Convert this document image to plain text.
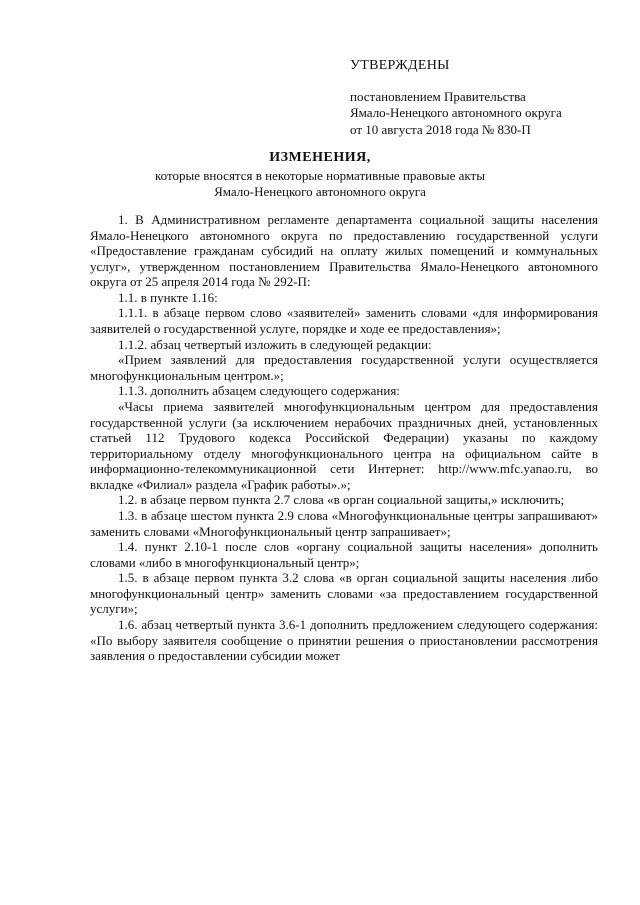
УТВЕРЖДЕНЫ
постановлением Правительства
Ямало-Ненецкого автономного округа
от 10 августа 2018 года № 830-П
ИЗМЕНЕНИЯ,
которые вносятся в некоторые нормативные правовые акты
Ямало-Ненецкого автономного округа

1. В Административном регламенте департамента социальной защиты населения Ямало-Ненецкого автономного округа по предоставлению государственной услуги «Предоставление гражданам субсидий на оплату жилых помещений и коммунальных услуг», утвержденном постановлением Правительства Ямало-Ненецкого автономного округа от 25 апреля 2014 года № 292-П:

1.1. в пункте 1.16:

1.1.1. в абзаце первом слово «заявителей» заменить словами «для информирования заявителей о государственной услуге, порядке и ходе ее предоставления»;

1.1.2. абзац четвертый изложить в следующей редакции:

«Прием заявлений для предоставления государственной услуги осуществляется многофункциональным центром.»;

1.1.3. дополнить абзацем следующего содержания:

«Часы приема заявителей многофункциональным центром для предоставления государственной услуги (за исключением нерабочих праздничных дней, установленных статьей 112 Трудового кодекса Российской Федерации) указаны по каждому территориальному отделу многофункционального центра на официальном сайте в информационно-телекоммуникационной сети Интернет: http://www.mfc.yanao.ru, во вкладке «Филиал» раздела «График работы».»;

1.2. в абзаце первом пункта 2.7 слова «в орган социальной защиты,» исключить;

1.3. в абзаце шестом пункта 2.9 слова «Многофункциональные центры запрашивают» заменить словами «Многофункциональный центр запрашивает»;

1.4. пункт 2.10-1 после слов «органу социальной защиты населения» дополнить словами «либо в многофункциональный центр»;

1.5. в абзаце первом пункта 3.2 слова «в орган социальной защиты населения либо многофункциональный центр» заменить словами «за предоставлением государственной услуги»;

1.6. абзац четвертый пункта 3.6-1 дополнить предложением следующего содержания: «По выбору заявителя сообщение о принятии решения о приостановлении рассмотрения заявления о предоставлении субсидии может
